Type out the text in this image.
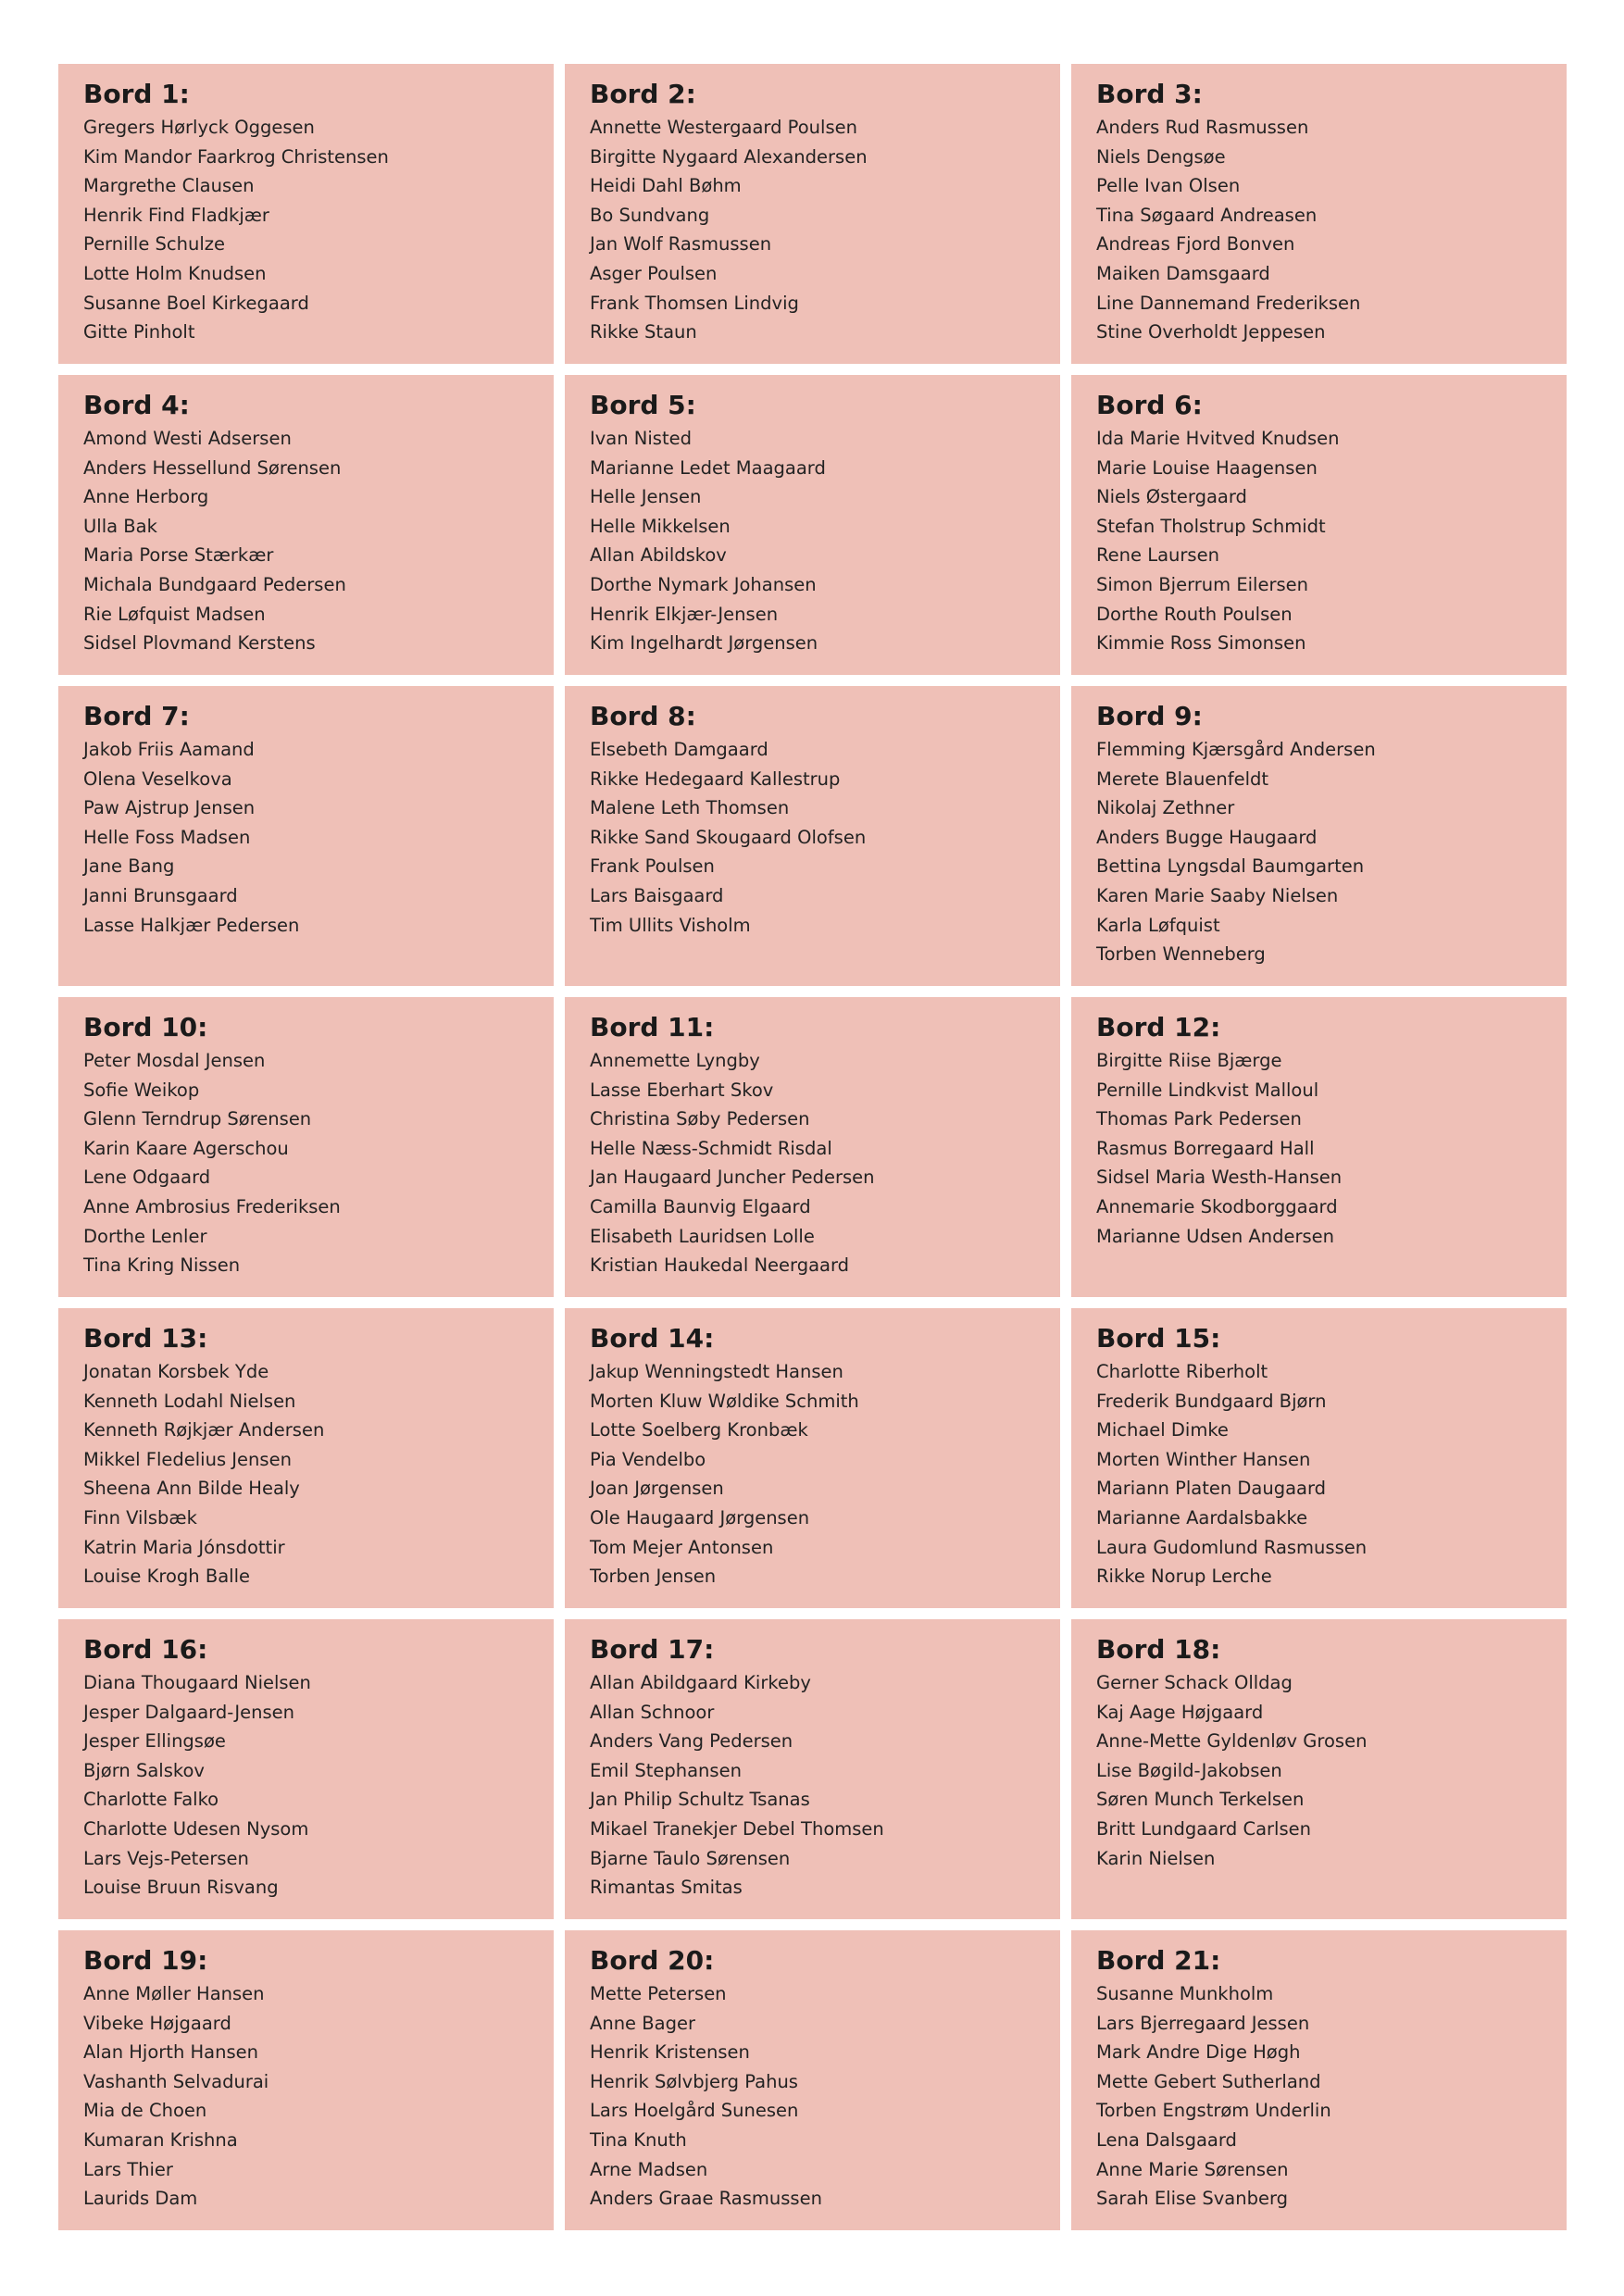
Bord 1:
Gregers Hørlyck Oggesen
Kim Mandor Faarkrog Christensen
Margrethe Clausen
Henrik Find Fladkjær
Pernille Schulze
Lotte Holm Knudsen
Susanne Boel Kirkegaard
Gitte Pinholt
Bord 2:
Annette Westergaard Poulsen
Birgitte Nygaard Alexandersen
Heidi Dahl Bøhm
Bo Sundvang
Jan Wolf Rasmussen
Asger Poulsen
Frank Thomsen Lindvig
Rikke Staun
Bord 3:
Anders Rud Rasmussen
Niels Dengsøe
Pelle Ivan Olsen
Tina Søgaard Andreasen
Andreas Fjord Bonven
Maiken Damsgaard
Line Dannemand Frederiksen
Stine Overholdt Jeppesen
Bord 4:
Amond Westi Adsersen
Anders Hessellund Sørensen
Anne Herborg
Ulla Bak
Maria Porse Stærkær
Michala Bundgaard Pedersen
Rie Løfquist Madsen
Sidsel Plovmand Kerstens
Bord 5:
Ivan Nisted
Marianne Ledet Maagaard
Helle Jensen
Helle Mikkelsen
Allan Abildskov
Dorthe Nymark Johansen
Henrik Elkjær-Jensen
Kim Ingelhardt Jørgensen
Bord 6:
Ida Marie Hvitved Knudsen
Marie Louise Haagensen
Niels Østergaard
Stefan Tholstrup Schmidt
Rene Laursen
Simon Bjerrum Eilersen
Dorthe Routh Poulsen
Kimmie Ross Simonsen
Bord 7:
Jakob Friis Aamand
Olena Veselkova
Paw Ajstrup Jensen
Helle Foss Madsen
Jane Bang
Janni Brunsgaard
Lasse Halkjær Pedersen
Bord 8:
Elsebeth Damgaard
Rikke Hedegaard Kallestrup
Malene Leth Thomsen
Rikke Sand Skougaard Olofsen
Frank Poulsen
Lars Baisgaard
Tim Ullits Visholm
Bord 9:
Flemming Kjærsgård Andersen
Merete Blauenfeldt
Nikolaj Zethner
Anders Bugge Haugaard
Bettina Lyngsdal Baumgarten
Karen Marie Saaby Nielsen
Karla Løfquist
Torben Wenneberg
Bord 10:
Peter Mosdal Jensen
Sofie Weikop
Glenn Terndrup Sørensen
Karin Kaare Agerschou
Lene Odgaard
Anne Ambrosius Frederiksen
Dorthe Lenler
Tina Kring Nissen
Bord 11:
Annemette Lyngby
Lasse Eberhart Skov
Christina Søby Pedersen
Helle Næss-Schmidt Risdal
Jan Haugaard Juncher Pedersen
Camilla Baunvig Elgaard
Elisabeth Lauridsen Lolle
Kristian Haukedal Neergaard
Bord 12:
Birgitte Riise Bjærge
Pernille Lindkvist Malloul
Thomas Park Pedersen
Rasmus Borregaard Hall
Sidsel Maria Westh-Hansen
Annemarie Skodborggaard
Marianne Udsen Andersen
Bord 13:
Jonatan Korsbek Yde
Kenneth Lodahl Nielsen
Kenneth Røjkjær Andersen
Mikkel Fledelius Jensen
Sheena Ann Bilde Healy
Finn Vilsbæk
Katrin Maria Jónsdottir
Louise Krogh Balle
Bord 14:
Jakup Wenningstedt Hansen
Morten Kluw Wøldike Schmith
Lotte Soelberg Kronbæk
Pia Vendelbo
Joan Jørgensen
Ole Haugaard Jørgensen
Tom Mejer Antonsen
Torben Jensen
Bord 15:
Charlotte Riberholt
Frederik Bundgaard Bjørn
Michael Dimke
Morten Winther Hansen
Mariann Platen Daugaard
Marianne Aardalsbakke
Laura Gudomlund Rasmussen
Rikke Norup Lerche
Bord 16:
Diana Thougaard Nielsen
Jesper Dalgaard-Jensen
Jesper Ellingsøe
Bjørn Salskov
Charlotte Falko
Charlotte Udesen Nysom
Lars Vejs-Petersen
Louise Bruun Risvang
Bord 17:
Allan Abildgaard Kirkeby
Allan Schnoor
Anders Vang Pedersen
Emil Stephansen
Jan Philip Schultz Tsanas
Mikael Tranekjer Debel Thomsen
Bjarne Taulo Sørensen
Rimantas Smitas
Bord 18:
Gerner Schack Olldag
Kaj Aage Højgaard
Anne-Mette Gyldenløv Grosen
Lise Bøgild-Jakobsen
Søren Munch Terkelsen
Britt Lundgaard Carlsen
Karin Nielsen
Bord 19:
Anne Møller Hansen
Vibeke Højgaard
Alan Hjorth Hansen
Vashanth Selvadurai
Mia de Choen
Kumaran Krishna
Lars Thier
Laurids Dam
Bord 20:
Mette Petersen
Anne Bager
Henrik Kristensen
Henrik Sølvbjerg Pahus
Lars Hoelgård Sunesen
Tina Knuth
Arne Madsen
Anders Graae Rasmussen
Bord 21:
Susanne Munkholm
Lars Bjerregaard Jessen
Mark Andre Dige Høgh
Mette Gebert Sutherland
Torben Engstrøm Underlin
Lena Dalsgaard
Anne Marie Sørensen
Sarah Elise Svanberg
